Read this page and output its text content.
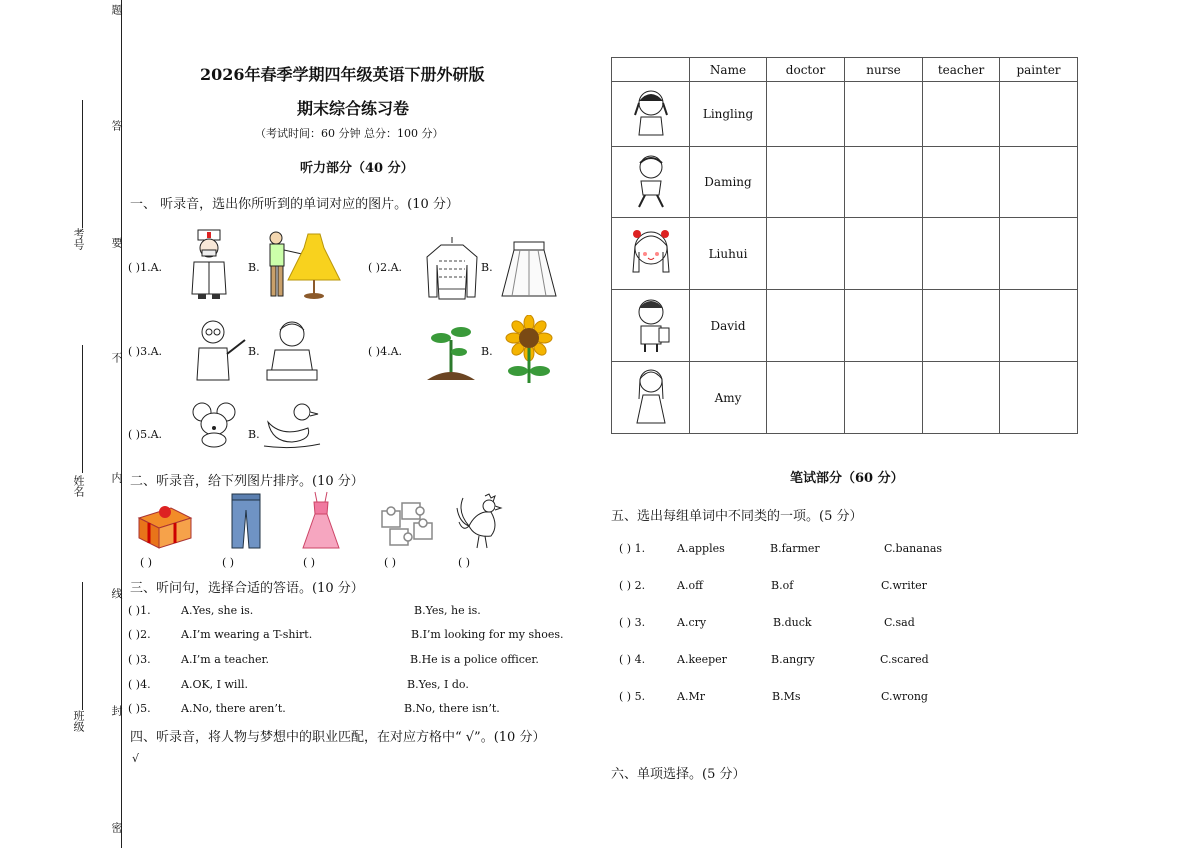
题
答
要
不
内
线
封
密
考号
姓名
班级
2026年春季学期四年级英语下册外研版
期末综合练习卷
（考试时间：60 分钟 总分：100 分）
听力部分（40 分）
一、 听录音，选出你所听到的单词对应的图片。(10 分）
( )1.A.	B.	( )2.A.	B.
( )3.A.	B.	( )4.A.	B.
( )5.A.	B.
二、听录音，给下列图片排序。(10 分）
( )	( )	( )	( )	( )
三、听问句，选择合适的答语。(10 分）
( )1.	A.Yes, she is.	B.Yes, he is.
( )2.	A.I’m wearing a T-shirt.	B.I’m looking for my shoes.
( )3.	A.I’m a teacher.	B.He is a police officer.
( )4.	A.OK, I will.	B.Yes, I do.
( )5.	A.No, there aren’t.	B.No, there isn’t.
四、听录音，将人物与梦想中的职业匹配，在对应方格中“ √”。(10 分）
√
	Name	doctor	nurse	teacher	painter
	Lingling				
	Daming				
	Liuhui				
	David				
	Amy				
笔试部分（60 分）
五、选出每组单词中不同类的一项。(5 分）
( ) 1.	A.apples	B.farmer	C.bananas
( ) 2.	A.off	B.of	C.writer
( ) 3.	A.cry	B.duck	C.sad
( ) 4.	A.keeper	B.angry	C.scared
( ) 5.	A.Mr	B.Ms	C.wrong
六、单项选择。(5 分）
